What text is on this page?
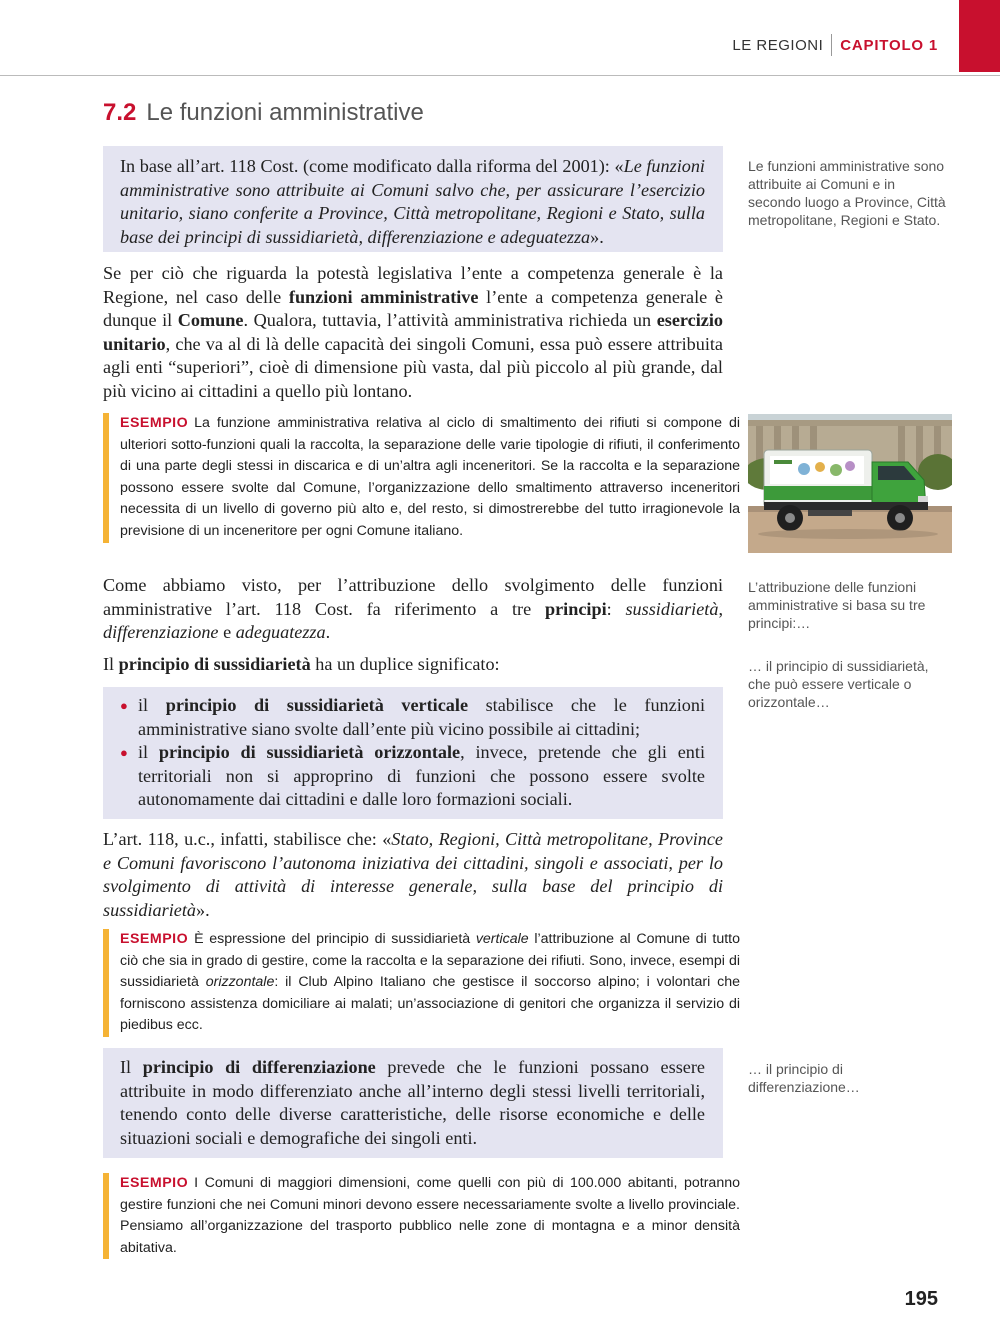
LE REGIONI CAPITOLO 1
7.2 Le funzioni amministrative
In base all’art. 118 Cost. (come modificato dalla riforma del 2001): «Le funzioni amministrative sono attribuite ai Comuni salvo che, per assicurare l’esercizio unitario, siano conferite a Province, Città metropolitane, Regioni e Stato, sulla base dei principi di sussidiarietà, differenziazione e adeguatezza».
Se per ciò che riguarda la potestà legislativa l’ente a competenza generale è la Regione, nel caso delle funzioni amministrative l’ente a competenza generale è dunque il Comune. Qualora, tuttavia, l’attività amministrativa richieda un esercizio unitario, che va al di là delle capacità dei singoli Comuni, essa può essere attribuita agli enti “superiori”, cioè di dimensione più vasta, dal più piccolo al più grande, dal più vicino ai cittadini a quello più lontano.
ESEMPIO La funzione amministrativa relativa al ciclo di smaltimento dei rifiuti si compone di ulteriori sotto-funzioni quali la raccolta, la separazione delle varie tipologie di rifiuti, il conferimento di una parte degli stessi in discarica e di un’altra agli inceneritori. Se la raccolta e la separazione possono essere svolte dal Comune, l’organizzazione dello smaltimento attraverso inceneritori necessita di un livello di governo più alto e, del resto, si dimostrerebbe del tutto irragionevole la previsione di un inceneritore per ogni Comune italiano.
Come abbiamo visto, per l’attribuzione dello svolgimento delle funzioni amministrative l’art. 118 Cost. fa riferimento a tre principi: sussidiarietà, differenziazione e adeguatezza.
Il principio di sussidiarietà ha un duplice significato:
● il principio di sussidiarietà verticale stabilisce che le funzioni amministrative siano svolte dall’ente più vicino possibile ai cittadini;
● il principio di sussidiarietà orizzontale, invece, pretende che gli enti territoriali non si approprino di funzioni che possono essere svolte autonomamente dai cittadini e dalle loro formazioni sociali.
L’art. 118, u.c., infatti, stabilisce che: «Stato, Regioni, Città metropolitane, Province e Comuni favoriscono l’autonoma iniziativa dei cittadini, singoli e associati, per lo svolgimento di attività di interesse generale, sulla base del principio di sussidiarietà».
ESEMPIO È espressione del principio di sussidiarietà verticale l’attribuzione al Comune di tutto ciò che sia in grado di gestire, come la raccolta e la separazione dei rifiuti. Sono, invece, esempi di sussidiarietà orizzontale: il Club Alpino Italiano che gestisce il soccorso alpino; i volontari che forniscono assistenza domiciliare ai malati; un’associazione di genitori che organizza il servizio di piedibus ecc.
Il principio di differenziazione prevede che le funzioni possano essere attribuite in modo differenziato anche all’interno degli stessi livelli territoriali, tenendo conto delle diverse caratteristiche, delle risorse economiche e delle situazioni sociali e demografiche dei singoli enti.
ESEMPIO I Comuni di maggiori dimensioni, come quelli con più di 100.000 abitanti, potranno gestire funzioni che nei Comuni minori devono essere necessariamente svolte a livello provinciale. Pensiamo all’organizzazione del trasporto pubblico nelle zone di montagna e a minor densità abitativa.
Le funzioni amministrative sono attribuite ai Comuni e in secondo luogo a Province, Città metropolitane, Regioni e Stato.
L’attribuzione delle funzioni amministrative si basa su tre principi:…
… il principio di sussidiarietà, che può essere verticale o orizzontale…
… il principio di differenziazione…
195
